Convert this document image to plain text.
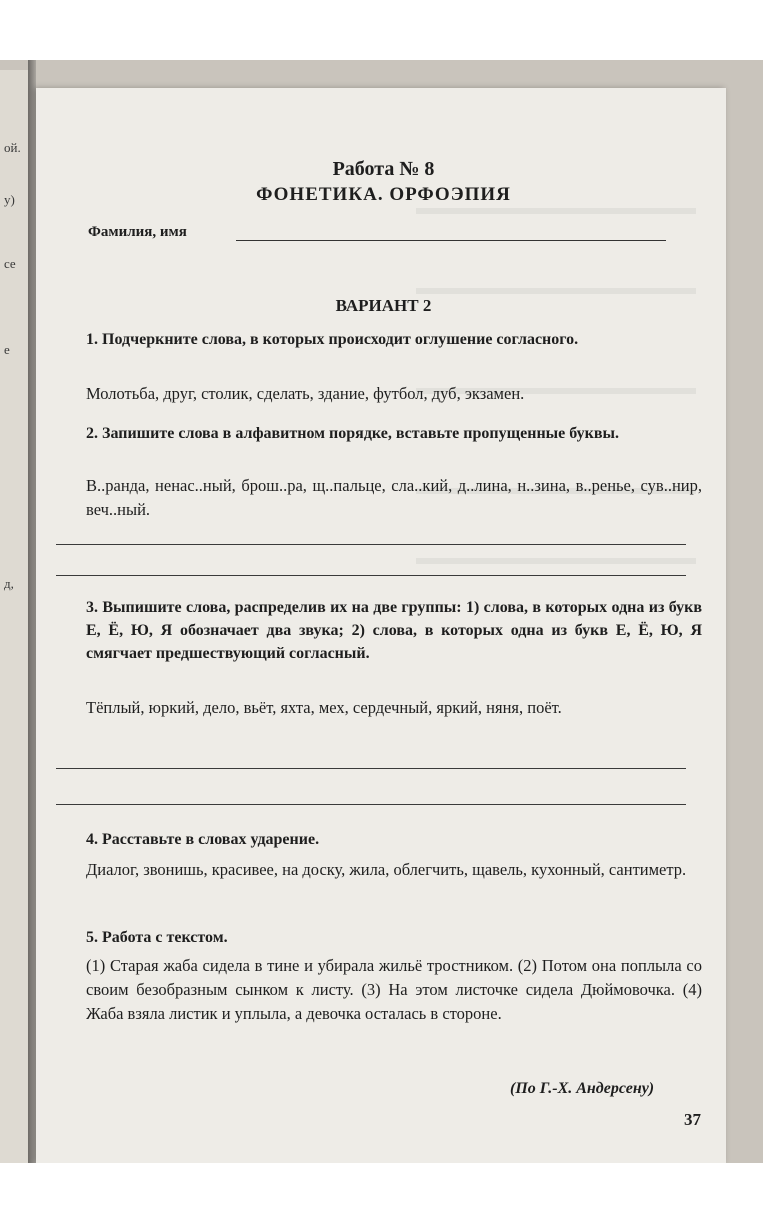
ой.
у)
се
е
д,
Работа № 8
ФОНЕТИКА. ОРФОЭПИЯ
Фамилия, имя
ВАРИАНТ 2
1. Подчеркните слова, в которых происходит оглушение согласного.
Молотьба, друг, столик, сделать, здание, футбол, дуб, экзамен.
2. Запишите слова в алфавитном порядке, вставьте пропущенные буквы.
В..ранда, ненас..ный, брош..ра, щ..пальце, сла..кий, д..лина, н..зина, в..ренье, сув..нир, веч..ный.
3. Выпишите слова, распределив их на две группы: 1) слова, в которых одна из букв Е, Ё, Ю, Я обозначает два звука; 2) слова, в которых одна из букв Е, Ё, Ю, Я смягчает предшествующий согласный.
Тёплый, юркий, дело, вьёт, яхта, мех, сердечный, яркий, няня, поёт.
4. Расставьте в словах ударение.
Диалог, звонишь, красивее, на доску, жила, облегчить, щавель, кухонный, сантиметр.
5. Работа с текстом.
(1) Старая жаба сидела в тине и убирала жильё тростником. (2) Потом она поплыла со своим безобразным сынком к листу. (3) На этом листочке сидела Дюймовочка. (4) Жаба взяла листик и уплыла, а девочка осталась в стороне.
(По Г.-Х. Андерсену)
37
